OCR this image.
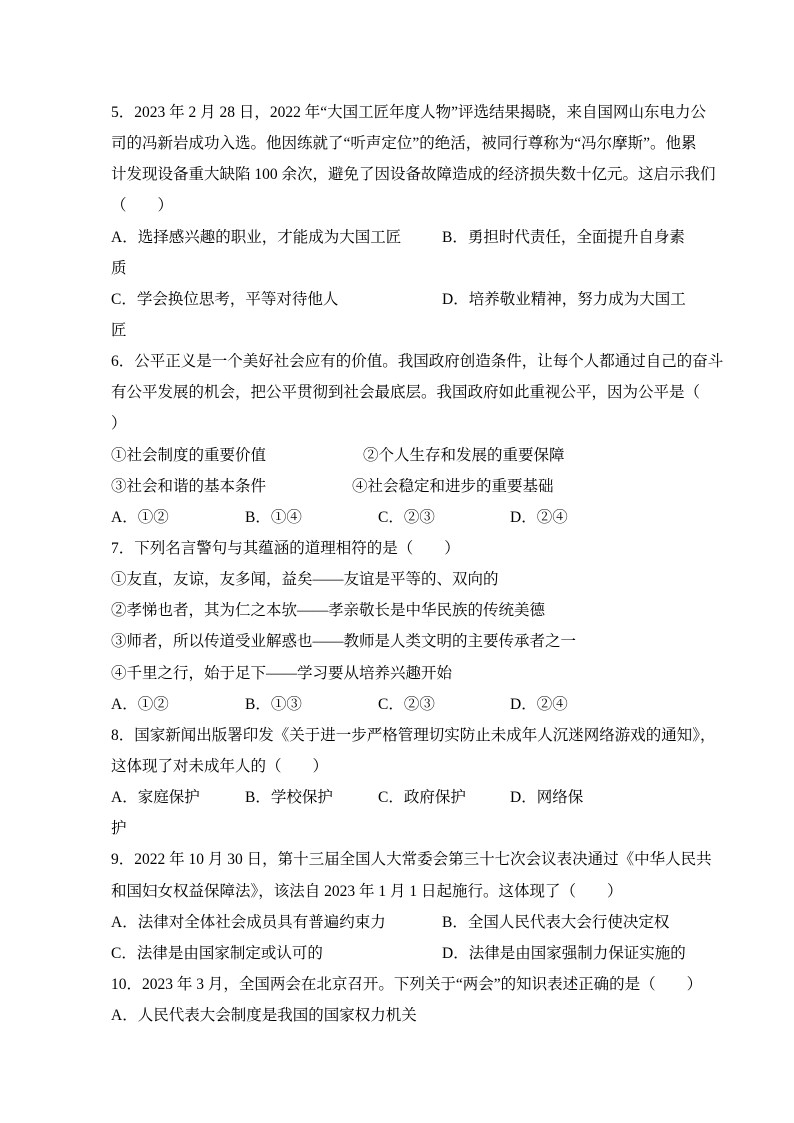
5．2023 年 2 月 28 日，2022 年“大国工匠年度人物”评选结果揭晓，来自国网山东电力公
司的冯新岩成功入选。他因练就了“听声定位”的绝活，被同行尊称为“冯尔摩斯”。他累
计发现设备重大缺陷 100 余次，避免了因设备故障造成的经济损失数十亿元。这启示我们
（　　）
A．选择感兴趣的职业，才能成为大国工匠	B．勇担时代责任，全面提升自身素
质
C．学会换位思考，平等对待他人	D．培养敬业精神，努力成为大国工
匠
6．公平正义是一个美好社会应有的价值。我国政府创造条件，让每个人都通过自己的奋斗
有公平发展的机会，把公平贯彻到社会最底层。我国政府如此重视公平，因为公平是（
）
①社会制度的重要价值	②个人生存和发展的重要保障
③社会和谐的基本条件	④社会稳定和进步的重要基础
A．①②	B．①④	C．②③	D．②④
7．下列名言警句与其蕴涵的道理相符的是（　　）
①友直，友谅，友多闻，益矣——友谊是平等的、双向的
②孝悌也者，其为仁之本欤——孝亲敬长是中华民族的传统美德
③师者，所以传道受业解惑也——教师是人类文明的主要传承者之一
④千里之行，始于足下——学习要从培养兴趣开始
A．①②	B．①③	C．②③	D．②④
8．国家新闻出版署印发《关于进一步严格管理切实防止未成年人沉迷网络游戏的通知》，
这体现了对未成年人的（　　）
A．家庭保护	B．学校保护	C．政府保护	D．网络保
护
9．2022 年 10 月 30 日，第十三届全国人大常委会第三十七次会议表决通过《中华人民共
和国妇女权益保障法》，该法自 2023 年 1 月 1 日起施行。这体现了（　　）
A．法律对全体社会成员具有普遍约束力	B．全国人民代表大会行使决定权
C．法律是由国家制定或认可的	D．法律是由国家强制力保证实施的
10．2023 年 3 月，全国两会在北京召开。下列关于“两会”的知识表述正确的是（　　）
A．人民代表大会制度是我国的国家权力机关
